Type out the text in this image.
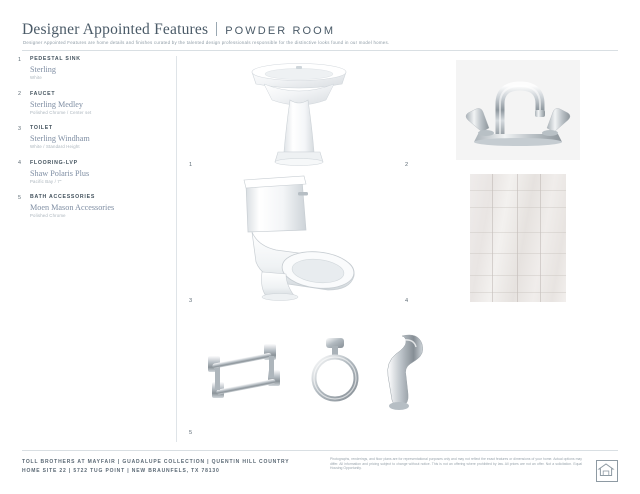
Designer Appointed Features POWDER ROOM
Designer Appointed Features are home details and finishes curated by the talented design professionals responsible for the distinctive looks found in our model homes.
1 PEDESTAL SINK
Sterling
White
2 FAUCET
Sterling Medley
Polished Chrome / Center set
3 TOILET
Sterling Windham
White / Standard Height
4 FLOORING-LVP
Shaw Polaris Plus
Pacific Bay / 7"
5 BATH ACCESSORIES
Moen Mason Accessories
Polished Chrome
1	2
3	4
5
TOLL BROTHERS AT MAYFAIR | GUADALUPE COLLECTION | QUENTIN HILL COUNTRY
HOME SITE 22 | 5722 TUG POINT | NEW BRAUNFELS, TX 78130
Photographs, renderings, and floor plans are for representational purposes only and may not reflect the exact features or dimensions of your home. Actual options may differ. All information and pricing subject to change without notice. This is not an offering where prohibited by law. All prices are not an offer. Not a solicitation. Equal Housing Opportunity.
